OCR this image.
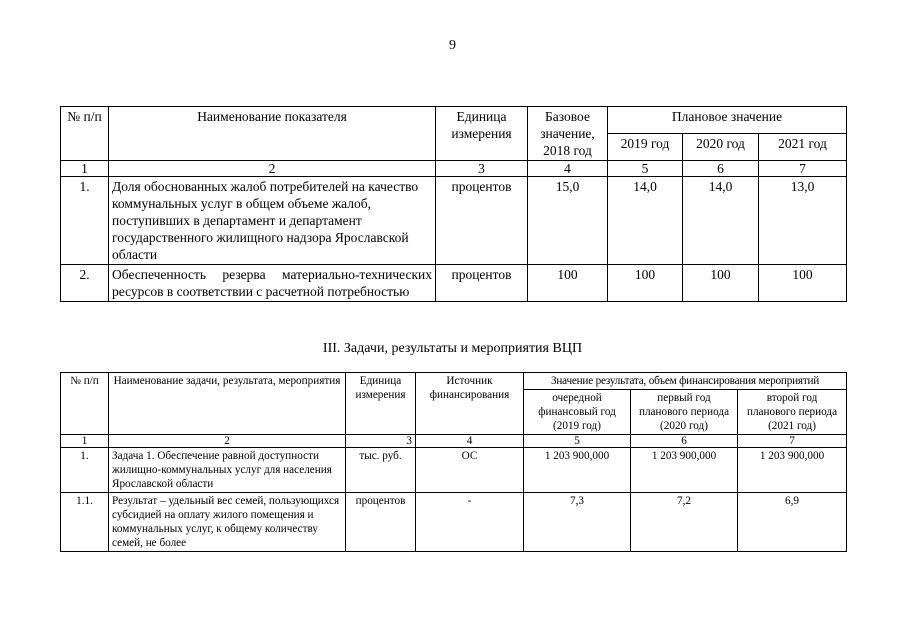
9
№ п/п	Наименование показателя	Единица измерения	Базовое значение, 2018 год	Плановое значение		
				2019 год	2020 год	2021 год
1	2	3	4	5	6	7
1.	Доля обоснованных жалоб потребителей на качество коммунальных услуг в общем объеме жалоб, поступивших в департамент и департамент государственного жилищного надзора Ярославской области	процентов	15,0	14,0	14,0	13,0
2.	Обеспеченность резерва материально-технических ресурсов в соответствии с расчетной потребностью	процентов	100	100	100	100
III. Задачи, результаты и мероприятия ВЦП
№ п/п	Наименование задачи, результата, мероприятия	Единица измерения	Источник финансирования	Значение результата, объем финансирования мероприятий		
				очередной финансовый год (2019 год)	первый год планового периода (2020 год)	второй год планового периода (2021 год)
1	2	3	4	5	6	7
1.	Задача 1. Обеспечение равной доступности жилищно-коммунальных услуг для населения Ярославской области	тыс. руб.	ОС	1 203 900,000	1 203 900,000	1 203 900,000
1.1.	Результат – удельный вес семей, пользующихся субсидией на оплату жилого помещения и коммунальных услуг, к общему количеству семей, не более	процентов	-	7,3	7,2	6,9
